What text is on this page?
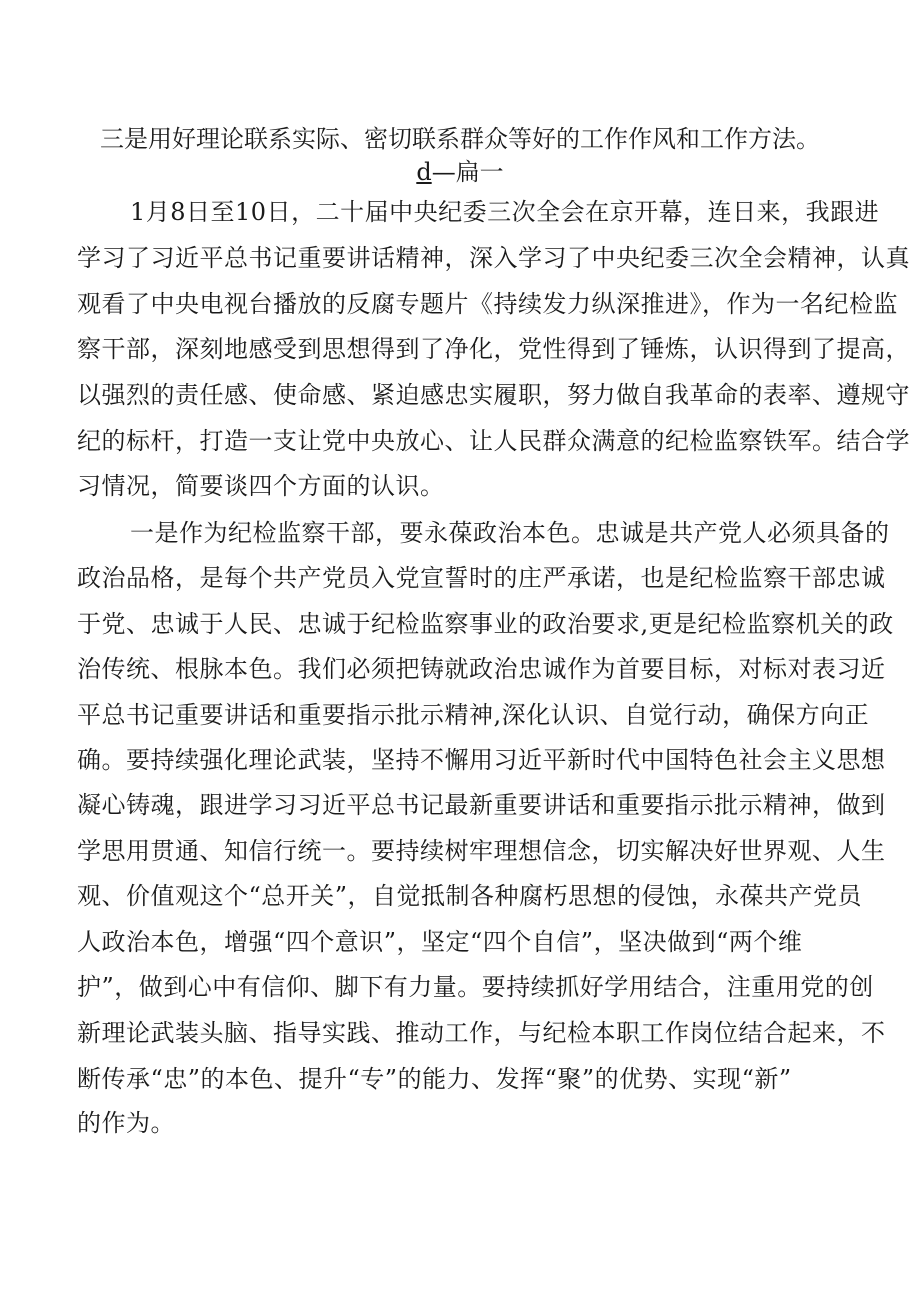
三是用好理论联系实际、密切联系群众等好的工作作风和工作方法。
d—扁一
1月8日至10日，二十届中央纪委三次全会在京开幕，连日来，我跟进
学习了习近平总书记重要讲话精神，深入学习了中央纪委三次全会精神，认真
观看了中央电视台播放的反腐专题片《持续发力纵深推进》，作为一名纪检监
察干部，深刻地感受到思想得到了净化，党性得到了锤炼，认识得到了提高，
以强烈的责任感、使命感、紧迫感忠实履职，努力做自我革命的表率、遵规守
纪的标杆，打造一支让党中央放心、让人民群众满意的纪检监察铁军。结合学
习情况，简要谈四个方面的认识。
一是作为纪检监察干部，要永葆政治本色。忠诚是共产党人必须具备的
政治品格，是每个共产党员入党宣誓时的庄严承诺，也是纪检监察干部忠诚
于党、忠诚于人民、忠诚于纪检监察事业的政治要求,更是纪检监察机关的政
治传统、根脉本色。我们必须把铸就政治忠诚作为首要目标，对标对表习近
平总书记重要讲话和重要指示批示精神,深化认识、自觉行动，确保方向正
确。要持续强化理论武装，坚持不懈用习近平新时代中国特色社会主义思想
凝心铸魂，跟进学习习近平总书记最新重要讲话和重要指示批示精神，做到
学思用贯通、知信行统一。要持续树牢理想信念，切实解决好世界观、人生
观、价值观这个“总开关”，自觉抵制各种腐朽思想的侵蚀，永葆共产党员
人政治本色，增强“四个意识”，坚定“四个自信”，坚决做到“两个维
护”，做到心中有信仰、脚下有力量。要持续抓好学用结合，注重用党的创
新理论武装头脑、指导实践、推动工作，与纪检本职工作岗位结合起来，不
断传承“忠”的本色、提升“专”的能力、发挥“聚”的优势、实现“新”
的作为。
